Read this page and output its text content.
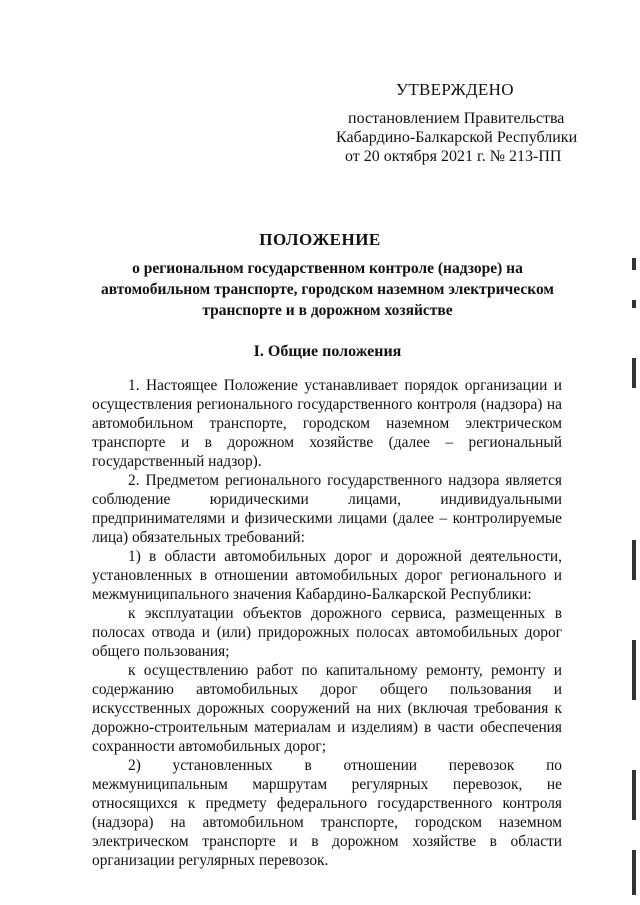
УТВЕРЖДЕНО
постановлением Правительства
Кабардино-Балкарской Республики
от 20 октября 2021 г. № 213-ПП
ПОЛОЖЕНИЕ
о региональном государственном контроле (надзоре) на автомобильном транспорте, городском наземном электрическом транспорте и в дорожном хозяйстве
I. Общие положения

1. Настоящее Положение устанавливает порядок организации и осуществления регионального государственного контроля (надзора) на автомобильном транспорте, городском наземном электрическом транспорте и в дорожном хозяйстве (далее – региональный государственный надзор).

2. Предметом регионального государственного надзора является соблюдение юридическими лицами, индивидуальными предпринимателями и физическими лицами (далее – контролируемые лица) обязательных требований:

1) в области автомобильных дорог и дорожной деятельности, установленных в отношении автомобильных дорог регионального и межмуниципального значения Кабардино-Балкарской Республики:

к эксплуатации объектов дорожного сервиса, размещенных в полосах отвода и (или) придорожных полосах автомобильных дорог общего пользования;

к осуществлению работ по капитальному ремонту, ремонту и содержанию автомобильных дорог общего пользования и искусственных дорожных сооружений на них (включая требования к дорожно-строительным материалам и изделиям) в части обеспечения сохранности автомобильных дорог;

2) установленных в отношении перевозок по межмуниципальным маршрутам регулярных перевозок, не относящихся к предмету федерального государственного контроля (надзора) на автомобильном транспорте, городском наземном электрическом транспорте и в дорожном хозяйстве в области организации регулярных перевозок.
